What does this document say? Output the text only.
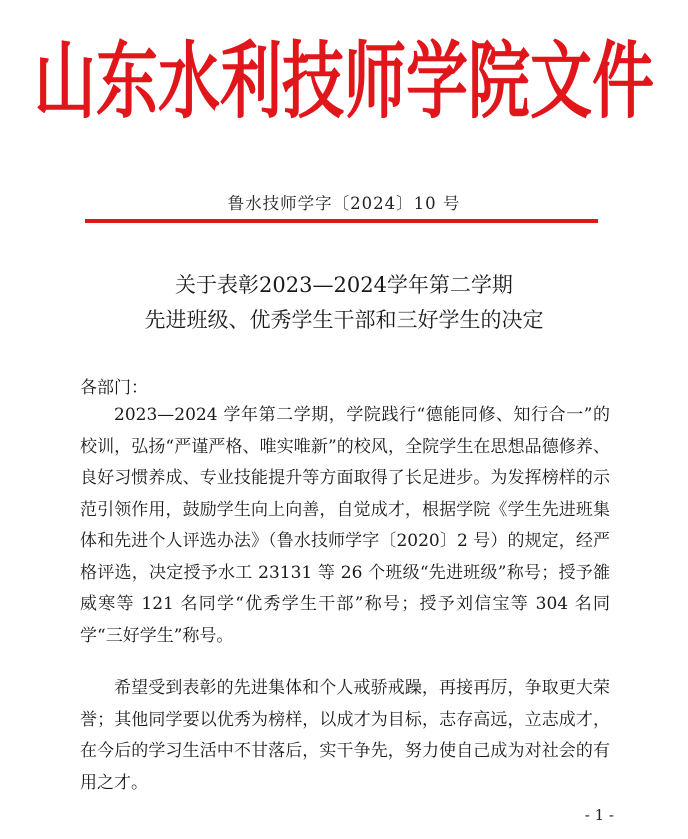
山东水利技师学院文件
鲁水技师学字〔2024〕10 号
关于表彰2023—2024学年第二学期
先进班级、优秀学生干部和三好学生的决定
各部门：

2023—2024 学年第二学期，学院践行“德能同修、知行合一”的校训，弘扬“严谨严格、唯实唯新”的校风，全院学生在思想品德修养、良好习惯养成、专业技能提升等方面取得了长足进步。为发挥榜样的示范引领作用，鼓励学生向上向善，自觉成才，根据学院《学生先进班集体和先进个人评选办法》（鲁水技师学字〔2020〕2 号）的规定，经严格评选，决定授予水工 23131 等 26 个班级“先进班级”称号；授予雒威寒等 121 名同学“优秀学生干部”称号；授予刘信宝等 304 名同学“三好学生”称号。

希望受到表彰的先进集体和个人戒骄戒躁，再接再厉，争取更大荣誉；其他同学要以优秀为榜样，以成才为目标，志存高远，立志成才，在今后的学习生活中不甘落后，实干争先，努力使自己成为对社会的有用之才。

- 1 -
